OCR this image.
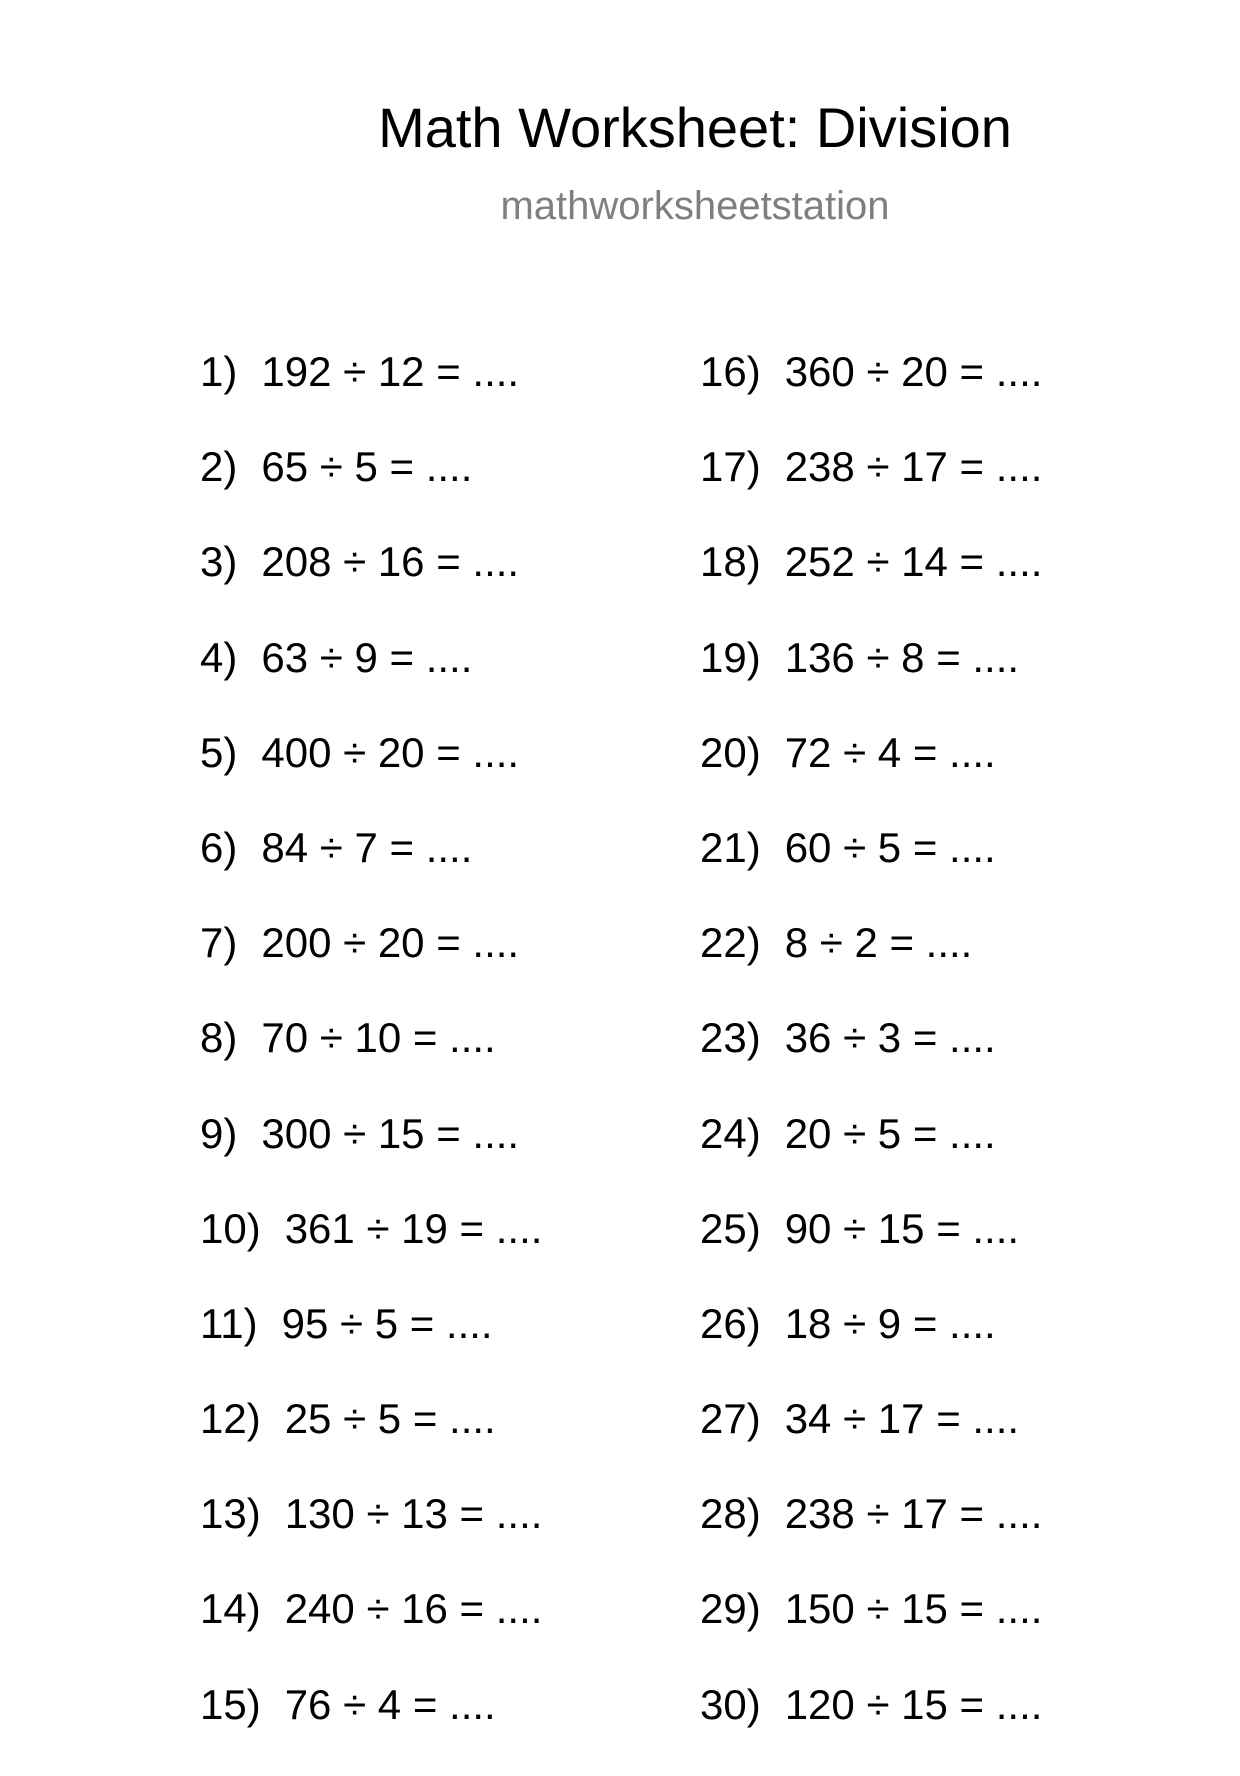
Math Worksheet: Division
mathworksheetstation
1) 192 ÷ 12 = ....
2) 65 ÷ 5 = ....
3) 208 ÷ 16 = ....
4) 63 ÷ 9 = ....
5) 400 ÷ 20 = ....
6) 84 ÷ 7 = ....
7) 200 ÷ 20 = ....
8) 70 ÷ 10 = ....
9) 300 ÷ 15 = ....
10) 361 ÷ 19 = ....
11) 95 ÷ 5 = ....
12) 25 ÷ 5 = ....
13) 130 ÷ 13 = ....
14) 240 ÷ 16 = ....
15) 76 ÷ 4 = ....
16) 360 ÷ 20 = ....
17) 238 ÷ 17 = ....
18) 252 ÷ 14 = ....
19) 136 ÷ 8 = ....
20) 72 ÷ 4 = ....
21) 60 ÷ 5 = ....
22) 8 ÷ 2 = ....
23) 36 ÷ 3 = ....
24) 20 ÷ 5 = ....
25) 90 ÷ 15 = ....
26) 18 ÷ 9 = ....
27) 34 ÷ 17 = ....
28) 238 ÷ 17 = ....
29) 150 ÷ 15 = ....
30) 120 ÷ 15 = ....
